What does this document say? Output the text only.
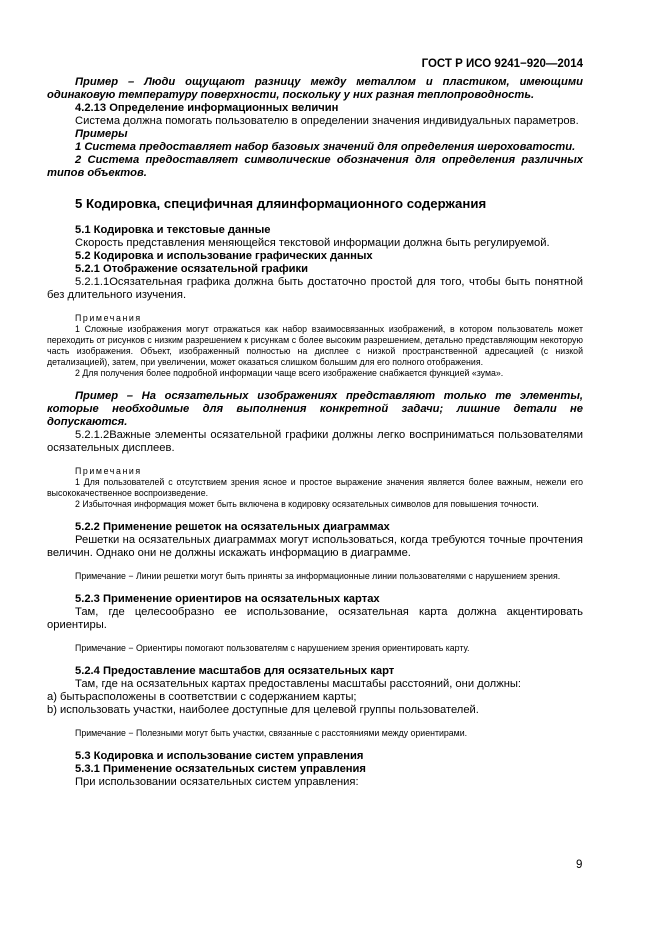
ГОСТ Р ИСО 9241−920—2014

Пример – Люди ощущают разницу между металлом и пластиком, имеющими одинаковую температуру поверхности, поскольку у них разная теплопроводность.

4.2.13 Определение информационных величин

Система должна помогать пользователю в определении значения индивидуальных параметров.

Примеры

1 Система предоставляет набор базовых значений для определения шероховатости.

2 Система предоставляет символические обозначения для определения различных типов объектов.

5 Кодировка, специфичная дляинформационного содержания

5.1 Кодировка и текстовые данные

Скорость представления меняющейся текстовой информации должна быть регулируемой.

5.2 Кодировка и использование графических данных

5.2.1 Отображение осязательной графики

5.2.1.1Осязательная графика должна быть достаточно простой для того, чтобы быть понятной без длительного изучения.

Примечания

1 Сложные изображения могут отражаться как набор взаимосвязанных изображений, в котором пользователь может переходить от рисунков с низким разрешением к рисункам с более высоким разрешением, детально представляющим некоторую часть изображения. Объект, изображенный полностью на дисплее с низкой пространственной адресацией (с низкой детализацией), затем, при увеличении, может оказаться слишком большим для его полного отображения.

2 Для получения более подробной информации чаще всего изображение снабжается функцией «зума».

Пример – На осязательных изображениях представляют только те элементы, которые необходимые для выполнения конкретной задачи; лишние детали не допускаются.

5.2.1.2Важные элементы осязательной графики должны легко восприниматься пользователями осязательных дисплеев.

Примечания

1 Для пользователей с отсутствием зрения ясное и простое выражение значения является более важным, нежели его высококачественное воспроизведение.

2 Избыточная информация может быть включена в кодировку осязательных символов для повышения точности.

5.2.2 Применение решеток на осязательных диаграммах

Решетки на осязательных диаграммах могут использоваться, когда требуются точные прочтения величин. Однако они не должны искажать информацию в диаграмме.

Примечание − Линии решетки могут быть приняты за информационные линии пользователями с нарушением зрения.

5.2.3 Применение ориентиров на осязательных картах

Там, где целесообразно ее использование, осязательная карта должна акцентировать ориентиры.

Примечание − Ориентиры помогают пользователям с нарушением зрения ориентировать карту.

5.2.4 Предоставление масштабов для осязательных карт

Там, где на осязательных картах предоставлены масштабы расстояний, они должны:

а) бытьрасположены в соответствии с содержанием карты;

b) использовать участки, наиболее доступные для целевой группы пользователей.

Примечание − Полезными могут быть участки, связанные с расстояниями между ориентирами.

5.3 Кодировка и использование систем управления

5.3.1 Применение осязательных систем управления

При использовании осязательных систем управления:

9
